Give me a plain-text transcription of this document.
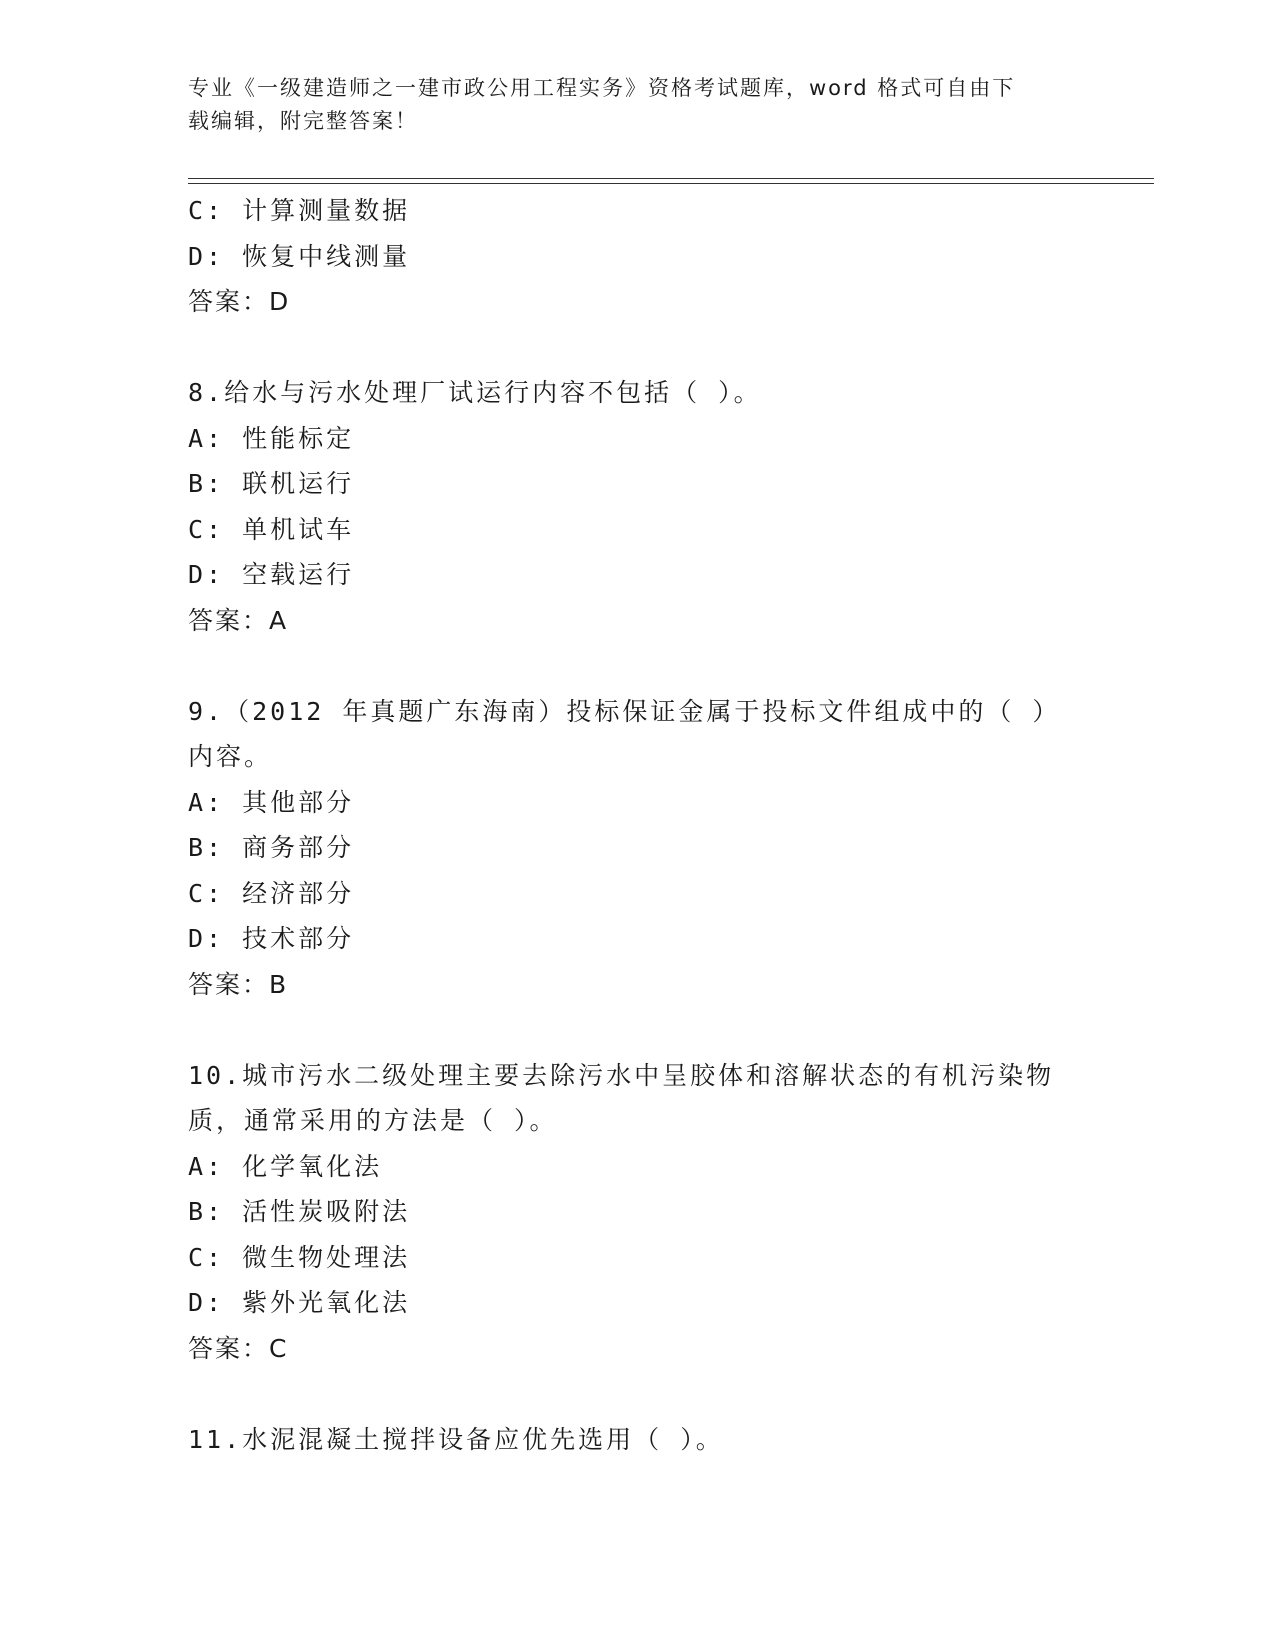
专业《一级建造师之一建市政公用工程实务》资格考试题库，word 格式可自由下
载编辑，附完整答案！
C: 计算测量数据
D: 恢复中线测量
答案：D
8.给水与污水处理厂试运行内容不包括（ ）。
A: 性能标定
B: 联机运行
C: 单机试车
D: 空载运行
答案：A
9.（2012 年真题广东海南）投标保证金属于投标文件组成中的（ ）
内容。
A: 其他部分
B: 商务部分
C: 经济部分
D: 技术部分
答案：B
10.城市污水二级处理主要去除污水中呈胶体和溶解状态的有机污染物
质，通常采用的方法是（ ）。
A: 化学氧化法
B: 活性炭吸附法
C: 微生物处理法
D: 紫外光氧化法
答案：C
11.水泥混凝土搅拌设备应优先选用（ ）。
